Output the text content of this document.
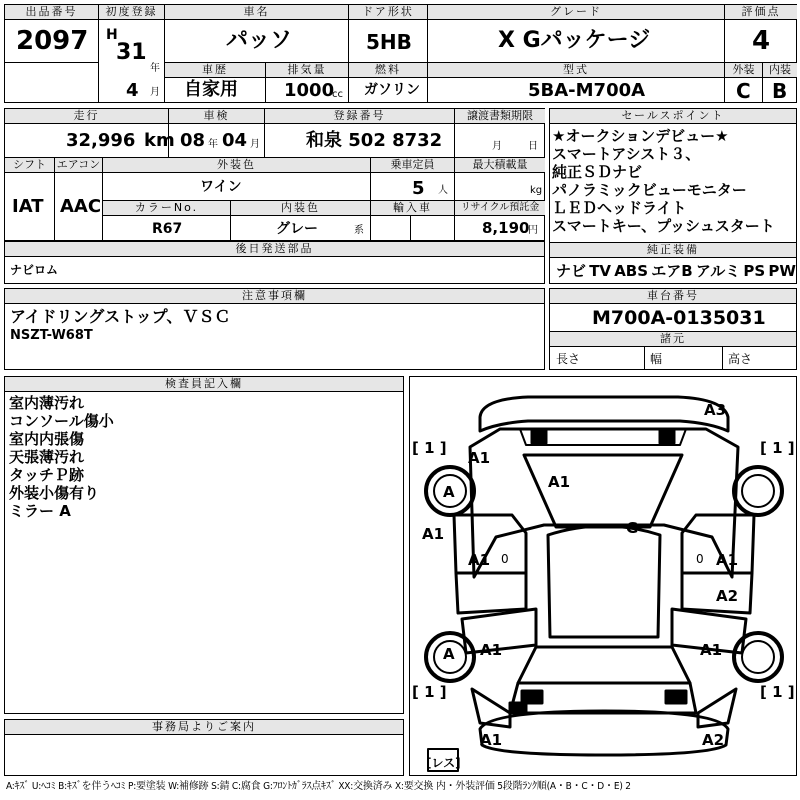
出品番号
2097
初度登録
H
31
年
4 月
車名
パッソ
ドア形状
5HB
グレード
X Gパッケージ
評価点
4
車歴
自家用
排気量
1000
cc
燃料
ガソリン
型式
5BA-M700A
外装
C
内装
B
走行
32,996 km
車検
08 年 04 月
登録番号
和泉 502 8732
譲渡書類期限
月	日
シフト
IAT
エアコン
AAC
外装色
ワイン
乗車定員
5 人
最大積載量
kg
カラーNo.
R67
内装色
グレー	系
輸入車	リサイクル預託金
8,190
円
後日発送部品
ナビロム
セールスポイント
★オークションデビュー★
スマートアシスト３、
純正ＳＤナビ
パノラミックビューモニター
ＬＥＤヘッドライト
スマートキー、プッシュスタート
純正装備
ナビ TV ABS エアB アルミ PS PW
注意事項欄
アイドリングストップ、ＶＳＣ
NSZT-W68T
車台番号
M700A-0135031
諸元
長さ	幅	高さ
検査員記入欄
室内薄汚れ
コンソール傷小
室内内張傷
天張薄汚れ
タッチＰ跡
外装小傷有り
ミラー A
事務局よりご案内
A3
[ 1 ]	[ 1 ]
A1
A1
A
A1	G
A1	A1
0	0
A2
A A1	A1
[ 1 ]	[ 1 ]
A1	A2
[レス]
A:ｷｽﾞ U:ﾍｺﾐ B:ｷｽﾞを伴うﾍｺﾐ P:要塗装 W:補修跡 S:錆 C:腐食 G:ﾌﾛﾝﾄｶﾞﾗｽ点ｷｽﾞ XX:交換済み X:要交換 内・外装評価 5段階ﾗﾝｸ順(A・B・C・D・E) 2
